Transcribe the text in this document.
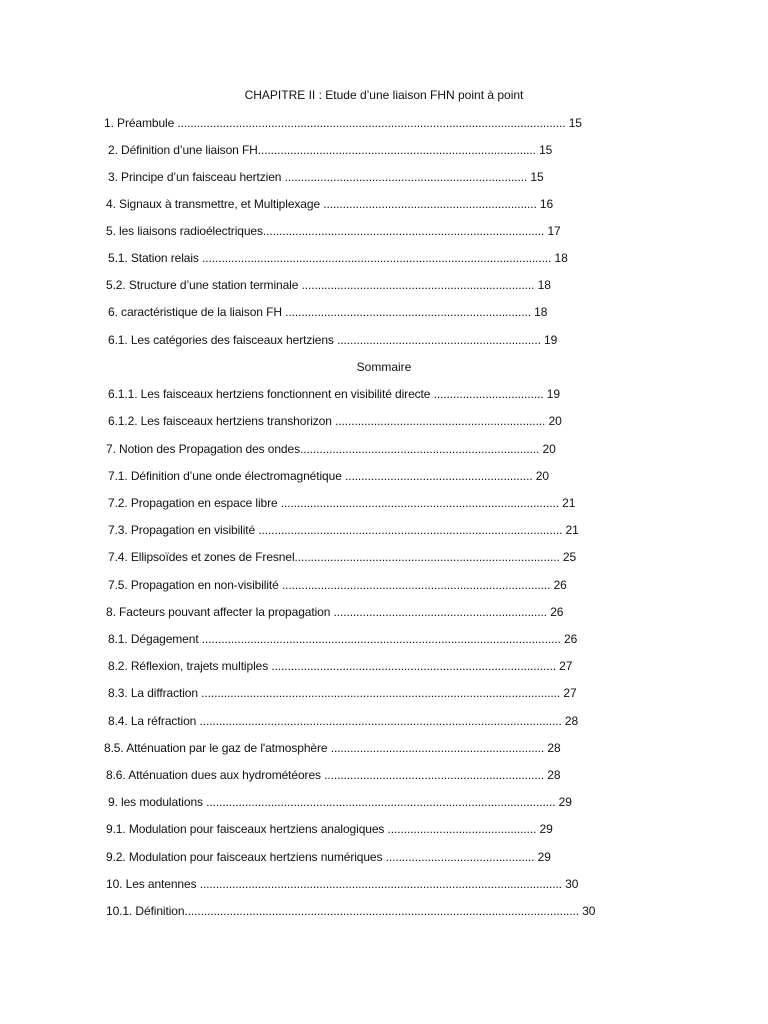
CHAPITRE II : Etude d’une liaison FHN point à point
1. Préambule ........................................................................................................................ 15
2. Définition d’une liaison FH...................................................................................... 15
3. Principe d’un faisceau hertzien ........................................................................... 15
4. Signaux à transmettre, et Multiplexage .................................................................. 16
5. les liaisons radioélectriques....................................................................................... 17
5.1. Station relais ............................................................................................................ 18
5.2. Structure d’une station terminale ........................................................................ 18
6. caractéristique de la liaison FH ............................................................................ 18
6.1. Les catégories des faisceaux hertziens ............................................................... 19
Sommaire
6.1.1. Les faisceaux hertziens fonctionnent en visibilité directe .................................. 19
6.1.2. Les faisceaux hertziens transhorizon ................................................................. 20
7. Notion des Propagation des ondes.......................................................................... 20
7.1. Définition d’une onde électromagnétique .......................................................... 20
7.2. Propagation en espace libre ...................................................................................... 21
7.3. Propagation en visibilité .............................................................................................. 21
7.4. Ellipsoïdes et zones de Fresnel.................................................................................. 25
7.5. Propagation en non-visibilité ................................................................................... 26
8. Facteurs pouvant affecter la propagation .................................................................. 26
8.1. Dégagement ............................................................................................................... 26
8.2. Réflexion, trajets multiples ........................................................................................ 27
8.3. La diffraction ............................................................................................................... 27
8.4. La réfraction ................................................................................................................ 28
8.5. Atténuation par le gaz de l'atmosphère .................................................................. 28
8.6. Atténuation dues aux hydrométéores .................................................................... 28
9. les modulations ............................................................................................................ 29
9.1. Modulation pour faisceaux hertziens analogiques .............................................. 29
9.2. Modulation pour faisceaux hertziens numériques .............................................. 29
10. Les antennes ................................................................................................................ 30
10.1. Définition.......................................................................................................................... 30
